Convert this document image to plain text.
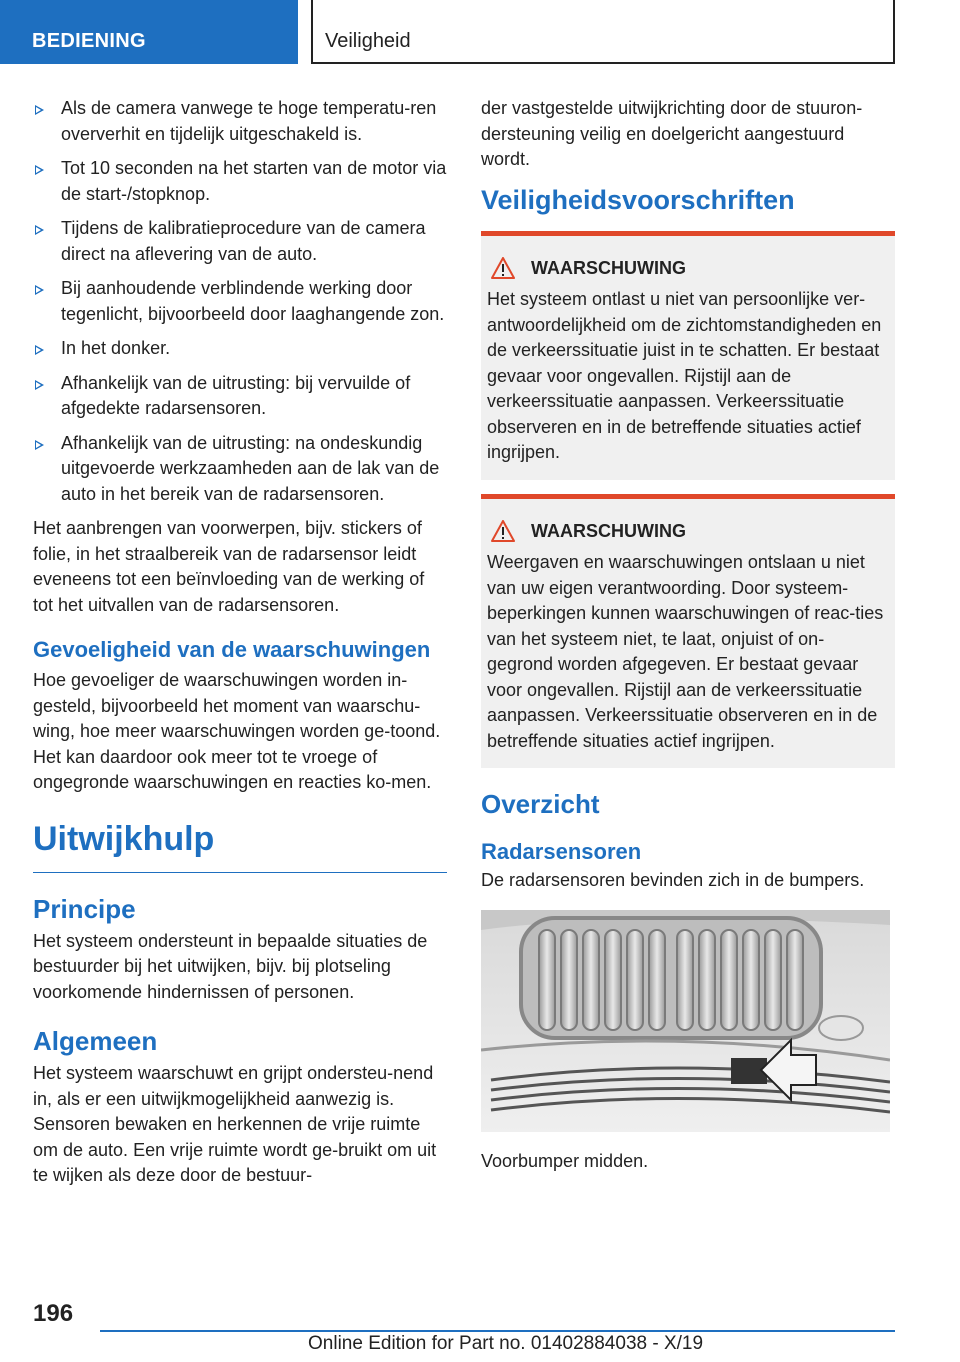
BEDIENING	Veiligheid
Als de camera vanwege te hoge temperatu-ren oververhit en tijdelijk uitgeschakeld is.
Tot 10 seconden na het starten van de motor via de start-/stopknop.
Tijdens de kalibratieprocedure van de camera direct na aflevering van de auto.
Bij aanhoudende verblindende werking door tegenlicht, bijvoorbeeld door laaghangende zon.
In het donker.
Afhankelijk van de uitrusting: bij vervuilde of afgedekte radarsensoren.
Afhankelijk van de uitrusting: na ondeskundig uitgevoerde werkzaamheden aan de lak van de auto in het bereik van de radarsensoren.

Het aanbrengen van voorwerpen, bijv. stickers of folie, in het straalbereik van de radarsensor leidt eveneens tot een beïnvloeding van de werking of tot het uitvallen van de radarsensoren.

Gevoeligheid van de waarschuwingen

Hoe gevoeliger de waarschuwingen worden in-gesteld, bijvoorbeeld het moment van waarschu-wing, hoe meer waarschuwingen worden ge-toond. Het kan daardoor ook meer tot te vroege of ongegronde waarschuwingen en reacties ko-men.

Uitwijkhulp
Principe

Het systeem ondersteunt in bepaalde situaties de bestuurder bij het uitwijken, bijv. bij plotseling voorkomende hindernissen of personen.

Algemeen

Het systeem waarschuwt en grijpt ondersteu-nend in, als er een uitwijkmogelijkheid aanwezig is. Sensoren bewaken en herkennen de vrije ruimte om de auto. Een vrije ruimte wordt ge-bruikt om uit te wijken als deze door de bestuur-

der vastgestelde uitwijkrichting door de stuuron-dersteuning veilig en doelgericht aangestuurd wordt.

Veiligheidsvoorschriften
WAARSCHUWING

Het systeem ontlast u niet van persoonlijke ver-antwoordelijkheid om de zichtomstandigheden en de verkeerssituatie juist in te schatten. Er bestaat gevaar voor ongevallen. Rijstijl aan de verkeerssituatie aanpassen. Verkeerssituatie observeren en in de betreffende situaties actief ingrijpen.

WAARSCHUWING

Weergaven en waarschuwingen ontslaan u niet van uw eigen verantwoording. Door systeem-beperkingen kunnen waarschuwingen of reac-ties van het systeem niet, te laat, onjuist of on-gegrond worden afgegeven. Er bestaat gevaar voor ongevallen. Rijstijl aan de verkeerssituatie aanpassen. Verkeerssituatie observeren en in de betreffende situaties actief ingrijpen.

Overzicht
Radarsensoren

De radarsensoren bevinden zich in de bumpers.

Voorbumper midden.

196
Online Edition for Part no. 01402884038 - X/19
